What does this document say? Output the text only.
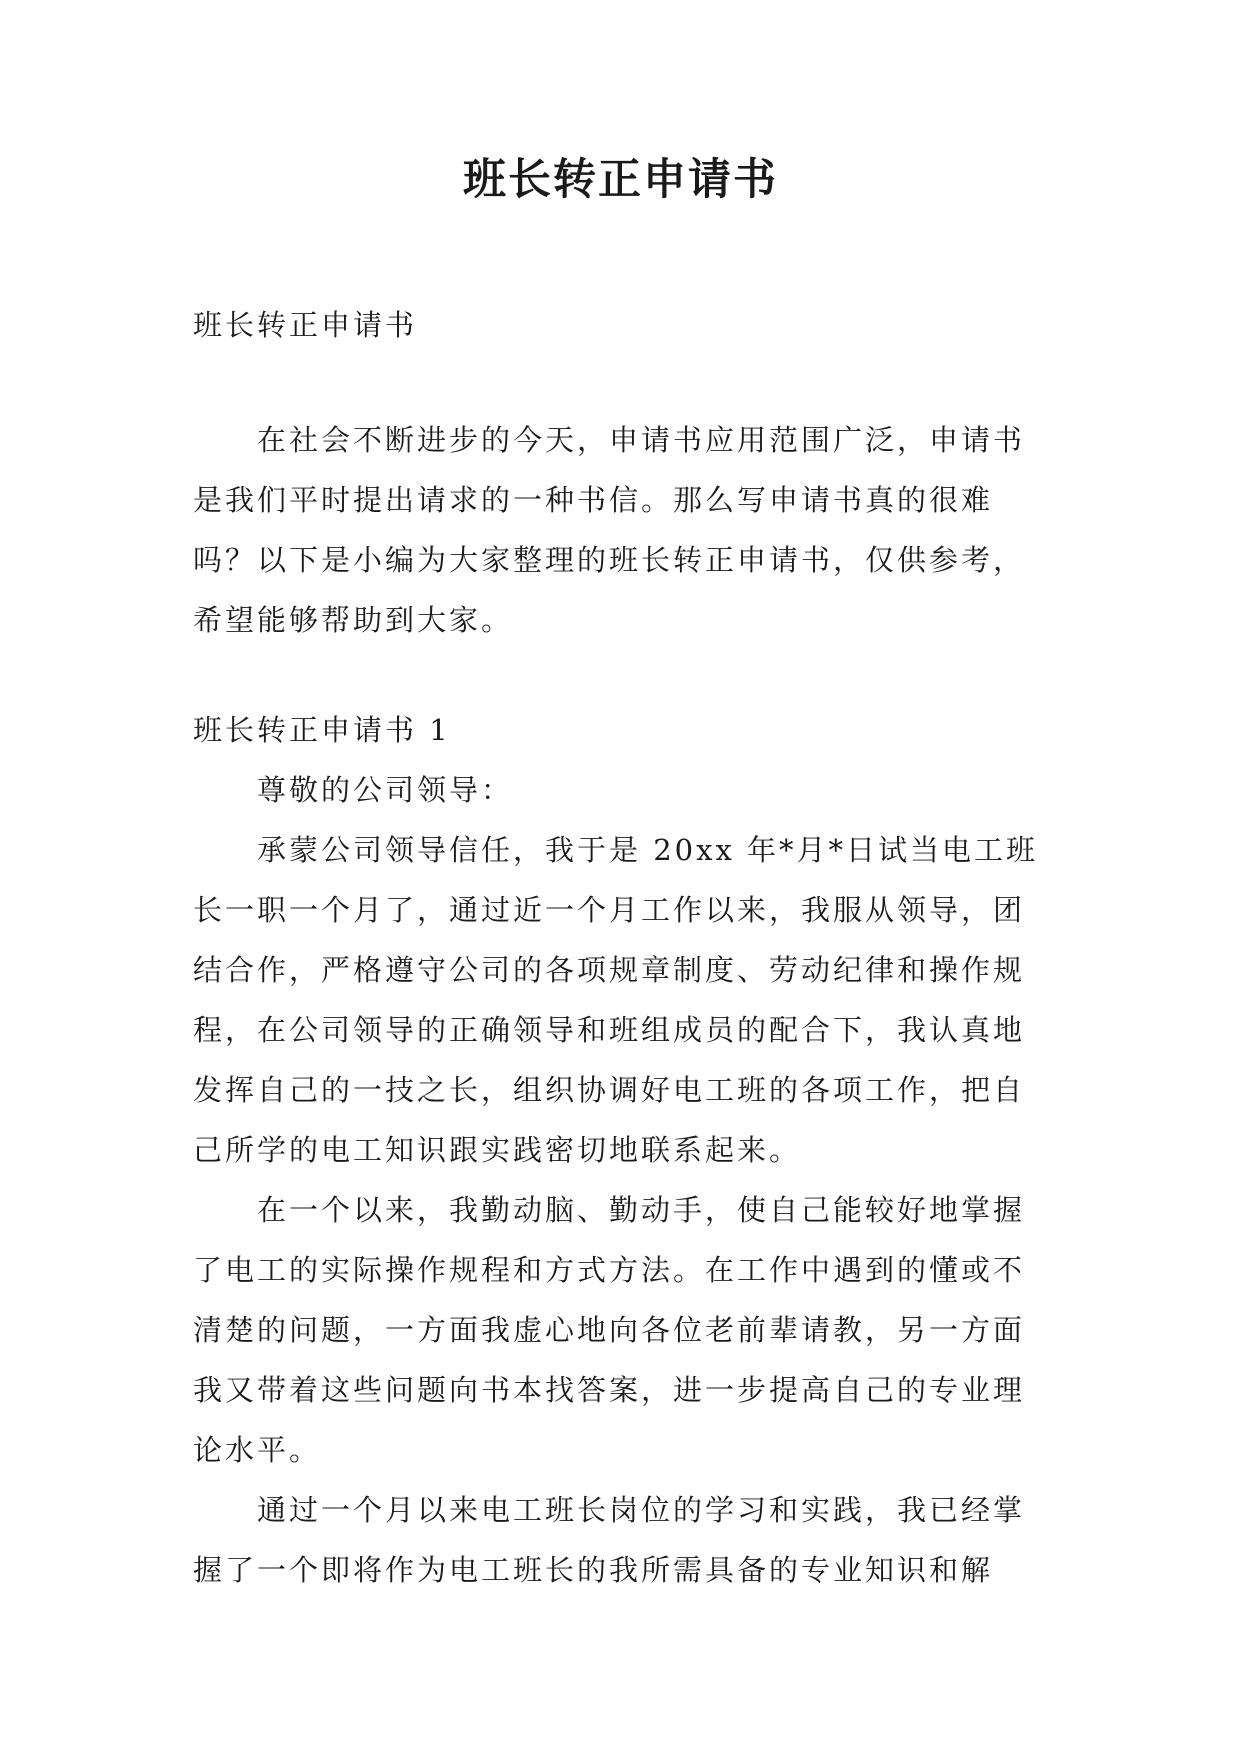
班长转正申请书
班长转正申请书
在社会不断进步的今天，申请书应用范围广泛，申请书
是我们平时提出请求的一种书信。那么写申请书真的很难
吗？以下是小编为大家整理的班长转正申请书，仅供参考，
希望能够帮助到大家。
班长转正申请书 1
尊敬的公司领导：
承蒙公司领导信任，我于是 20xx 年*月*日试当电工班
长一职一个月了，通过近一个月工作以来，我服从领导，团
结合作，严格遵守公司的各项规章制度、劳动纪律和操作规
程，在公司领导的正确领导和班组成员的配合下，我认真地
发挥自己的一技之长，组织协调好电工班的各项工作，把自
己所学的电工知识跟实践密切地联系起来。
在一个以来，我勤动脑、勤动手，使自己能较好地掌握
了电工的实际操作规程和方式方法。在工作中遇到的懂或不
清楚的问题，一方面我虚心地向各位老前辈请教，另一方面
我又带着这些问题向书本找答案，进一步提高自己的专业理
论水平。
通过一个月以来电工班长岗位的学习和实践，我已经掌
握了一个即将作为电工班长的我所需具备的专业知识和解
